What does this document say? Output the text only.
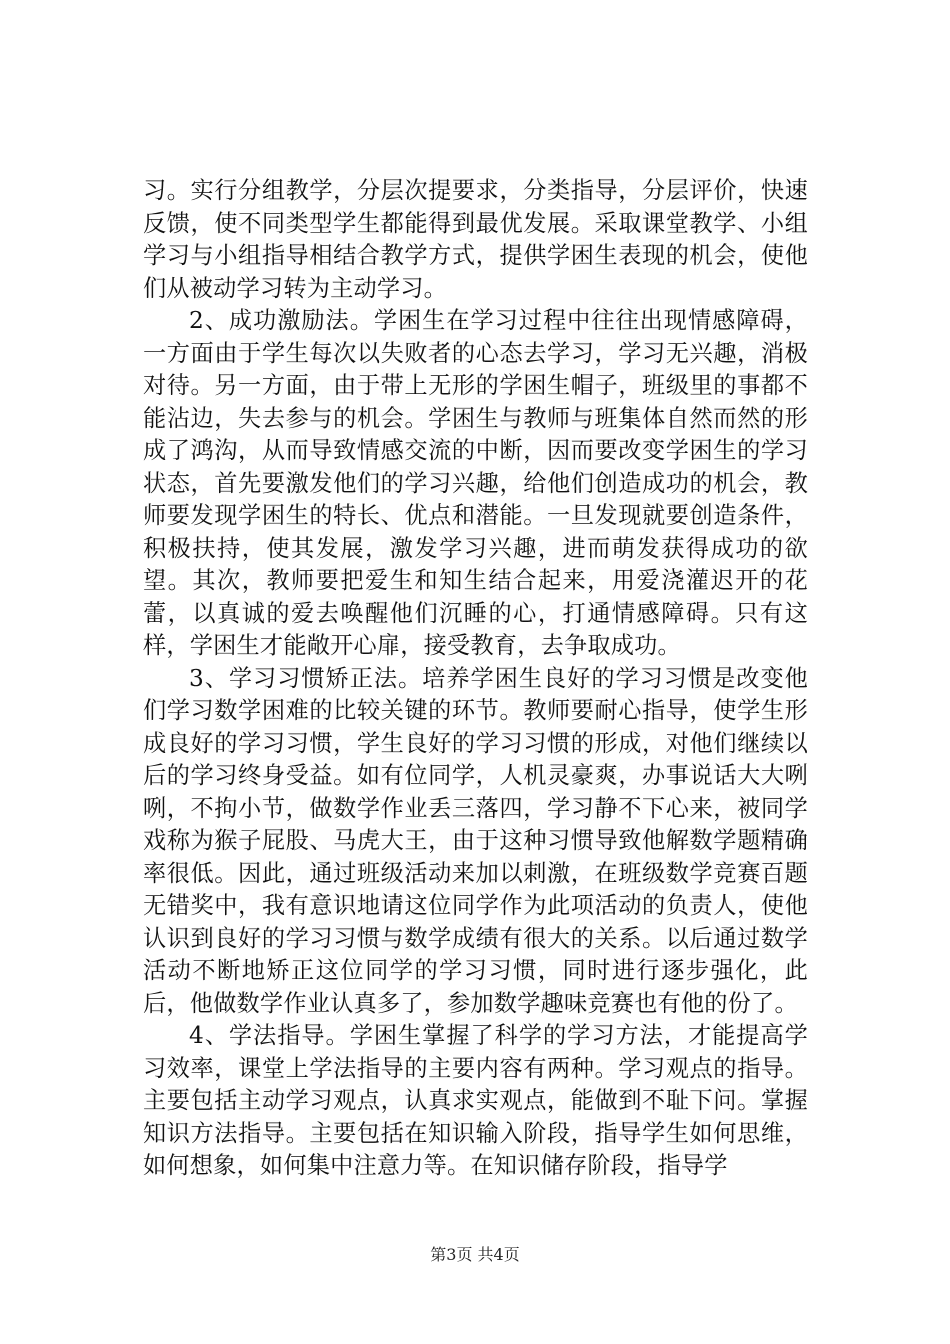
习。实行分组教学，分层次提要求，分类指导，分层评价，快速反馈，使不同类型学生都能得到最优发展。采取课堂教学、小组学习与小组指导相结合教学方式，提供学困生表现的机会，使他们从被动学习转为主动学习。

2、成功激励法。学困生在学习过程中往往出现情感障碍，一方面由于学生每次以失败者的心态去学习，学习无兴趣，消极对待。另一方面，由于带上无形的学困生帽子，班级里的事都不能沾边，失去参与的机会。学困生与教师与班集体自然而然的形成了鸿沟，从而导致情感交流的中断，因而要改变学困生的学习状态，首先要激发他们的学习兴趣，给他们创造成功的机会，教师要发现学困生的特长、优点和潜能。一旦发现就要创造条件，积极扶持，使其发展，激发学习兴趣，进而萌发获得成功的欲望。其次，教师要把爱生和知生结合起来，用爱浇灌迟开的花蕾，以真诚的爱去唤醒他们沉睡的心，打通情感障碍。只有这样，学困生才能敞开心扉，接受教育，去争取成功。

3、学习习惯矫正法。培养学困生良好的学习习惯是改变他们学习数学困难的比较关键的环节。教师要耐心指导，使学生形成良好的学习习惯，学生良好的学习习惯的形成，对他们继续以后的学习终身受益。如有位同学，人机灵豪爽，办事说话大大咧咧，不拘小节，做数学作业丢三落四，学习静不下心来，被同学戏称为猴子屁股、马虎大王，由于这种习惯导致他解数学题精确率很低。因此，通过班级活动来加以刺激，在班级数学竞赛百题无错奖中，我有意识地请这位同学作为此项活动的负责人，使他认识到良好的学习习惯与数学成绩有很大的关系。以后通过数学活动不断地矫正这位同学的学习习惯，同时进行逐步强化，此后，他做数学作业认真多了，参加数学趣味竞赛也有他的份了。

4、学法指导。学困生掌握了科学的学习方法，才能提高学习效率，课堂上学法指导的主要内容有两种。学习观点的指导。主要包括主动学习观点，认真求实观点，能做到不耻下问。掌握知识方法指导。主要包括在知识输入阶段，指导学生如何思维，如何想象，如何集中注意力等。在知识储存阶段，指导学

第3页 共4页
